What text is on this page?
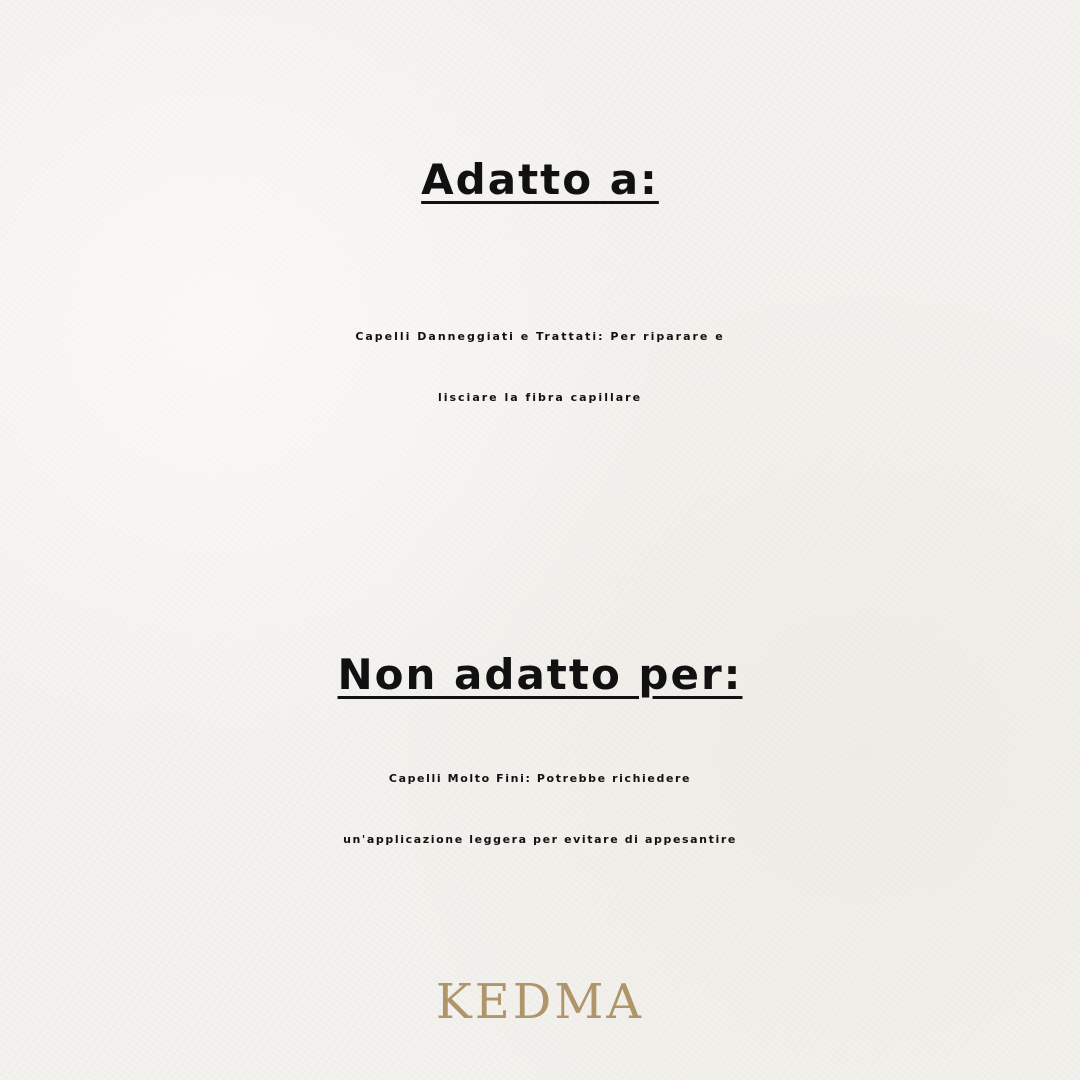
Adatto a:
Capelli Danneggiati e Trattati: Per riparare e
lisciare la fibra capillare
Non adatto per:
Capelli Molto Fini: Potrebbe richiedere
un'applicazione leggera per evitare di appesantire
KEDMA
